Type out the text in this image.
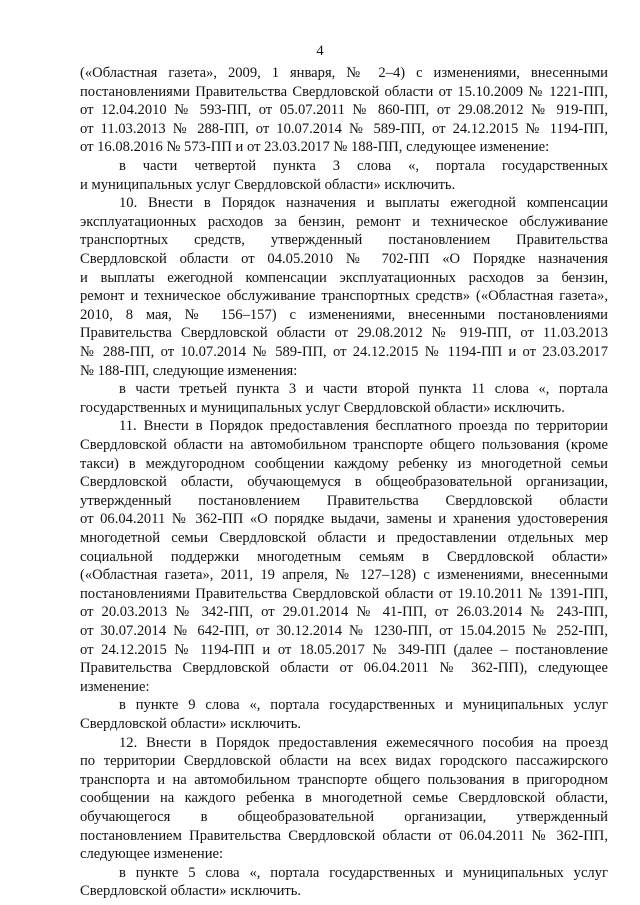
4
(«Областная газета», 2009, 1 января, № 2–4) с изменениями, внесенными
постановлениями Правительства Свердловской области от 15.10.2009 № 1221-ПП,
от 12.04.2010 № 593-ПП, от 05.07.2011 № 860-ПП, от 29.08.2012 № 919-ПП,
от 11.03.2013 № 288-ПП, от 10.07.2014 № 589-ПП, от 24.12.2015 № 1194-ПП,
от 16.08.2016 № 573-ПП и от 23.03.2017 № 188-ПП, следующее изменение:
в части четвертой пункта 3 слова «, портала государственных
и муниципальных услуг Свердловской области» исключить.
10. Внести в Порядок назначения и выплаты ежегодной компенсации
эксплуатационных расходов за бензин, ремонт и техническое обслуживание
транспортных средств, утвержденный постановлением Правительства
Свердловской области от 04.05.2010 № 702-ПП «О Порядке назначения
и выплаты ежегодной компенсации эксплуатационных расходов за бензин,
ремонт и техническое обслуживание транспортных средств» («Областная газета»,
2010, 8 мая, № 156–157) с изменениями, внесенными постановлениями
Правительства Свердловской области от 29.08.2012 № 919-ПП, от 11.03.2013
№ 288-ПП, от 10.07.2014 № 589-ПП, от 24.12.2015 № 1194-ПП и от 23.03.2017
№ 188-ПП, следующие изменения:
в части третьей пункта 3 и части второй пункта 11 слова «, портала
государственных и муниципальных услуг Свердловской области» исключить.
11. Внести в Порядок предоставления бесплатного проезда по территории
Свердловской области на автомобильном транспорте общего пользования (кроме
такси) в междугородном сообщении каждому ребенку из многодетной семьи
Свердловской области, обучающемуся в общеобразовательной организации,
утвержденный постановлением Правительства Свердловской области
от 06.04.2011 № 362-ПП «О порядке выдачи, замены и хранения удостоверения
многодетной семьи Свердловской области и предоставлении отдельных мер
социальной поддержки многодетным семьям в Свердловской области»
(«Областная газета», 2011, 19 апреля, № 127–128) с изменениями, внесенными
постановлениями Правительства Свердловской области от 19.10.2011 № 1391-ПП,
от 20.03.2013 № 342-ПП, от 29.01.2014 № 41-ПП, от 26.03.2014 № 243-ПП,
от 30.07.2014 № 642-ПП, от 30.12.2014 № 1230-ПП, от 15.04.2015 № 252-ПП,
от 24.12.2015 № 1194-ПП и от 18.05.2017 № 349-ПП (далее – постановление
Правительства Свердловской области от 06.04.2011 № 362-ПП), следующее
изменение:
в пункте 9 слова «, портала государственных и муниципальных услуг
Свердловской области» исключить.
12. Внести в Порядок предоставления ежемесячного пособия на проезд
по территории Свердловской области на всех видах городского пассажирского
транспорта и на автомобильном транспорте общего пользования в пригородном
сообщении на каждого ребенка в многодетной семье Свердловской области,
обучающегося в общеобразовательной организации, утвержденный
постановлением Правительства Свердловской области от 06.04.2011 № 362-ПП,
следующее изменение:
в пункте 5 слова «, портала государственных и муниципальных услуг
Свердловской области» исключить.
